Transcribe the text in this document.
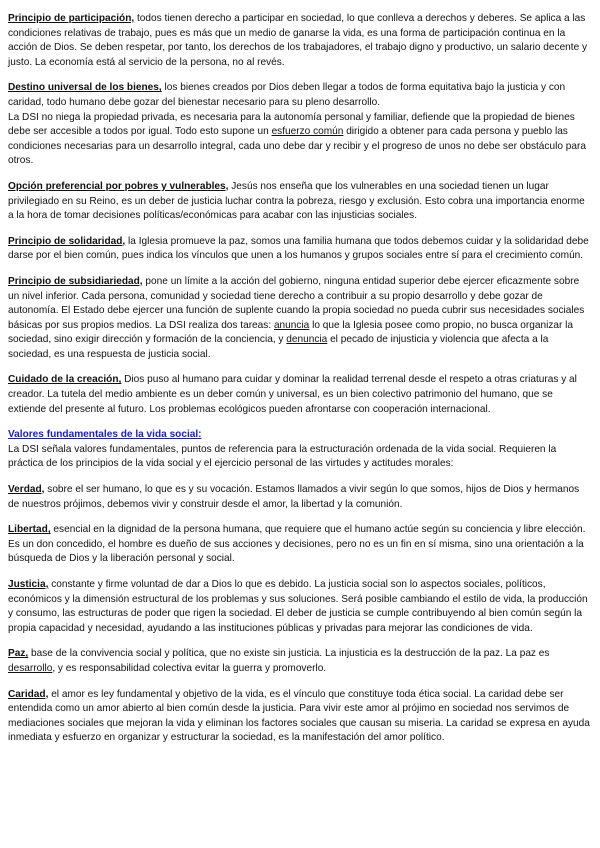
Principio de participación, todos tienen derecho a participar en sociedad, lo que conlleva a derechos y deberes. Se aplica a las condiciones relativas de trabajo, pues es más que un medio de ganarse la vida, es una forma de participación continua en la acción de Dios. Se deben respetar, por tanto, los derechos de los trabajadores, el trabajo digno y productivo, un salario decente y justo. La economía está al servicio de la persona, no al revés.

Destino universal de los bienes, los bienes creados por Dios deben llegar a todos de forma equitativa bajo la justicia y con caridad, todo humano debe gozar del bienestar necesario para su pleno desarrollo.

La DSI no niega la propiedad privada, es necesaria para la autonomía personal y familiar, defiende que la propiedad de bienes debe ser accesible a todos por igual. Todo esto supone un esfuerzo común dirigido a obtener para cada persona y pueblo las condiciones necesarias para un desarrollo integral, cada uno debe dar y recibir y el progreso de unos no debe ser obstáculo para otros.

Opción preferencial por pobres y vulnerables, Jesús nos enseña que los vulnerables en una sociedad tienen un lugar privilegiado en su Reino, es un deber de justicia luchar contra la pobreza, riesgo y exclusión. Esto cobra una importancia enorme a la hora de tomar decisiones políticas/económicas para acabar con las injusticias sociales.

Principio de solidaridad, la Iglesia promueve la paz, somos una familia humana que todos debemos cuidar y la solidaridad debe darse por el bien común, pues indica los vínculos que unen a los humanos y grupos sociales entre sí para el crecimiento común.

Principio de subsidiariedad, pone un límite a la acción del gobierno, ninguna entidad superior debe ejercer eficazmente sobre un nivel inferior. Cada persona, comunidad y sociedad tiene derecho a contribuir a su propio desarrollo y debe gozar de autonomía. El Estado debe ejercer una función de suplente cuando la propia sociedad no pueda cubrir sus necesidades sociales básicas por sus propios medios. La DSI realiza dos tareas: anuncia lo que la Iglesia posee como propio, no busca organizar la sociedad, sino exigir dirección y formación de la conciencia, y denuncia el pecado de injusticia y violencia que afecta a la sociedad, es una respuesta de justicia social.

Cuidado de la creación, Dios puso al humano para cuidar y dominar la realidad terrenal desde el respeto a otras criaturas y al creador. La tutela del medio ambiente es un deber común y universal, es un bien colectivo patrimonio del humano, que se extiende del presente al futuro. Los problemas ecológicos pueden afrontarse con cooperación internacional.

Valores fundamentales de la vida social:

La DSI señala valores fundamentales, puntos de referencia para la estructuración ordenada de la vida social. Requieren la práctica de los principios de la vida social y el ejercicio personal de las virtudes y actitudes morales:

Verdad, sobre el ser humano, lo que es y su vocación. Estamos llamados a vivir según lo que somos, hijos de Dios y hermanos de nuestros prójimos, debemos vivir y construir desde el amor, la libertad y la comunión.

Libertad, esencial en la dignidad de la persona humana, que requiere que el humano actúe según su conciencia y libre elección. Es un don concedido, el hombre es dueño de sus acciones y decisiones, pero no es un fin en sí misma, sino una orientación a la búsqueda de Dios y la liberación personal y social.

Justicia, constante y firme voluntad de dar a Dios lo que es debido. La justicia social son lo aspectos sociales, políticos, económicos y la dimensión estructural de los problemas y sus soluciones. Será posible cambiando el estilo de vida, la producción y consumo, las estructuras de poder que rigen la sociedad. El deber de justicia se cumple contribuyendo al bien común según la propia capacidad y necesidad, ayudando a las instituciones públicas y privadas para mejorar las condiciones de vida.

Paz, base de la convivencia social y política, que no existe sin justicia. La injusticia es la destrucción de la paz. La paz es desarrollo, y es responsabilidad colectiva evitar la guerra y promoverlo.

Caridad, el amor es ley fundamental y objetivo de la vida, es el vínculo que constituye toda ética social. La caridad debe ser entendida como un amor abierto al bien común desde la justicia. Para vivir este amor al prójimo en sociedad nos servimos de mediaciones sociales que mejoran la vida y eliminan los factores sociales que causan su miseria. La caridad se expresa en ayuda inmediata y esfuerzo en organizar y estructurar la sociedad, es la manifestación del amor político.
